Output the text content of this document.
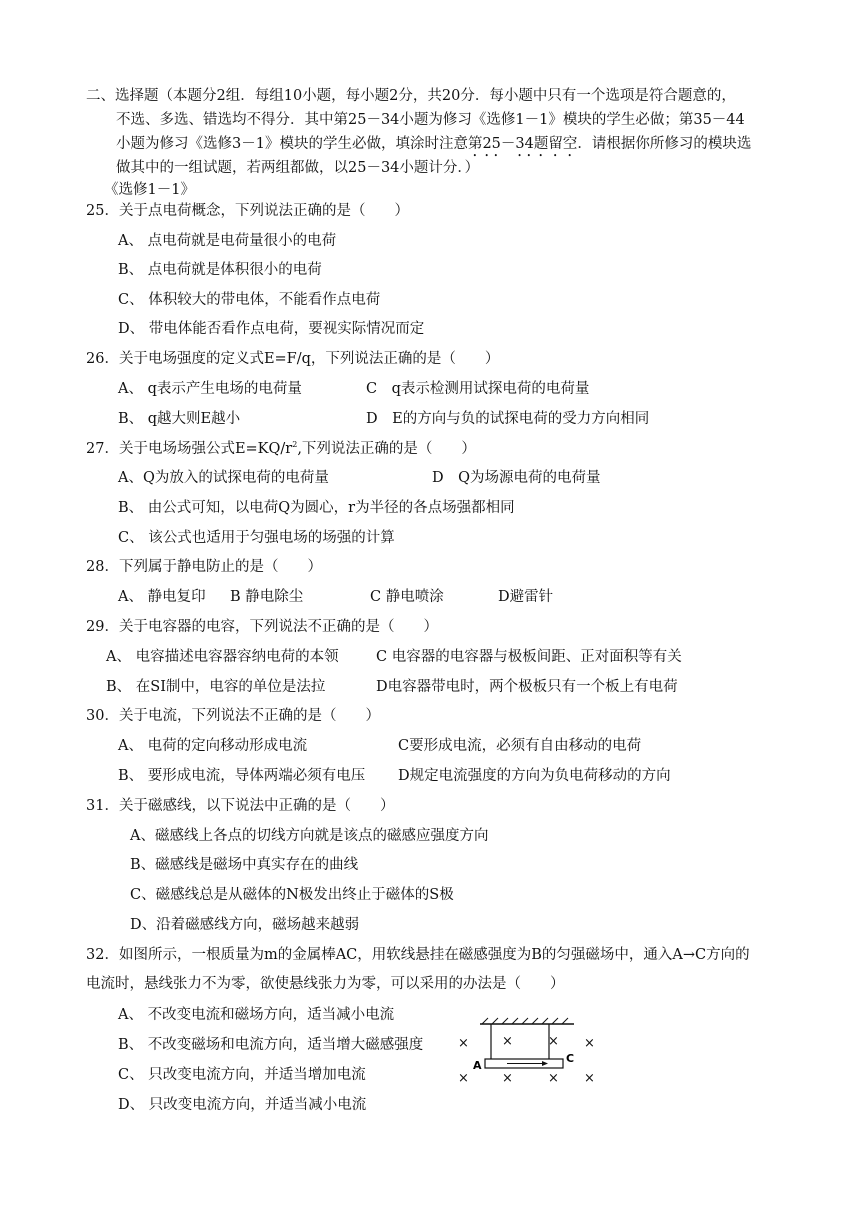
二、选择题（本题分2组．每组10小题，每小题2分，共20分．每小题中只有一个选项是符合题意的，
不选、多选、错选均不得分．其中第25－34小题为修习《选修1－1》模块的学生必做；第35－44
小题为修习《选修3－1》模块的学生必做，填涂时注意第25－34题留空．请根据你所修习的模块选
做其中的一组试题，若两组都做，以25－34小题计分．）
《选修1－1》
25．关于点电荷概念，下列说法正确的是（　　）
A、 点电荷就是电荷量很小的电荷
B、 点电荷就是体积很小的电荷
C、 体积较大的带电体，不能看作点电荷
D、 带电体能否看作点电荷，要视实际情况而定
26．关于电场强度的定义式E=F/q，下列说法正确的是（　　）
A、 q表示产生电场的电荷量	C　q表示检测用试探电荷的电荷量
B、 q越大则E越小	D　E的方向与负的试探电荷的受力方向相同
27．关于电场场强公式$E=KQ/r^2$,下列说法正确的是（　　）
A、Q为放入的试探电荷的电荷量	D　Q为场源电荷的电荷量
B、 由公式可知，以电荷Q为圆心，r为半径的各点场强都相同
C、 该公式也适用于匀强电场的场强的计算
28．下列属于静电防止的是（　　）
A、 静电复印 B 静电除尘	C 静电喷涂	D避雷针
29．关于电容器的电容，下列说法不正确的是（　　）
A、 电容描述电容器容纳电荷的本领	C 电容器的电容器与极板间距、正对面积等有关
B、 在SI制中，电容的单位是法拉	D电容器带电时，两个极板只有一个板上有电荷
30．关于电流，下列说法不正确的是（　　）
A、 电荷的定向移动形成电流	C要形成电流，必须有自由移动的电荷
B、 要形成电流，导体两端必须有电压 D规定电流强度的方向为负电荷移动的方向
31．关于磁感线，以下说法中正确的是（　　）
A、磁感线上各点的切线方向就是该点的磁感应强度方向
B、磁感线是磁场中真实存在的曲线
C、磁感线总是从磁体的N极发出终止于磁体的S极
D、沿着磁感线方向，磁场越来越弱
32．如图所示，一根质量为m的金属棒AC，用软线悬挂在磁感强度为B的匀强磁场中，通入A→C方向的
电流时，悬线张力不为零，欲使悬线张力为零，可以采用的办法是（　　）
A、 不改变电流和磁场方向，适当减小电流
B、 不改变磁场和电流方向，适当增大磁感强度
C、 只改变电流方向，并适当增加电流
D、 只改变电流方向，并适当减小电流
A
C
×	×
×	×
×	×	× ×
